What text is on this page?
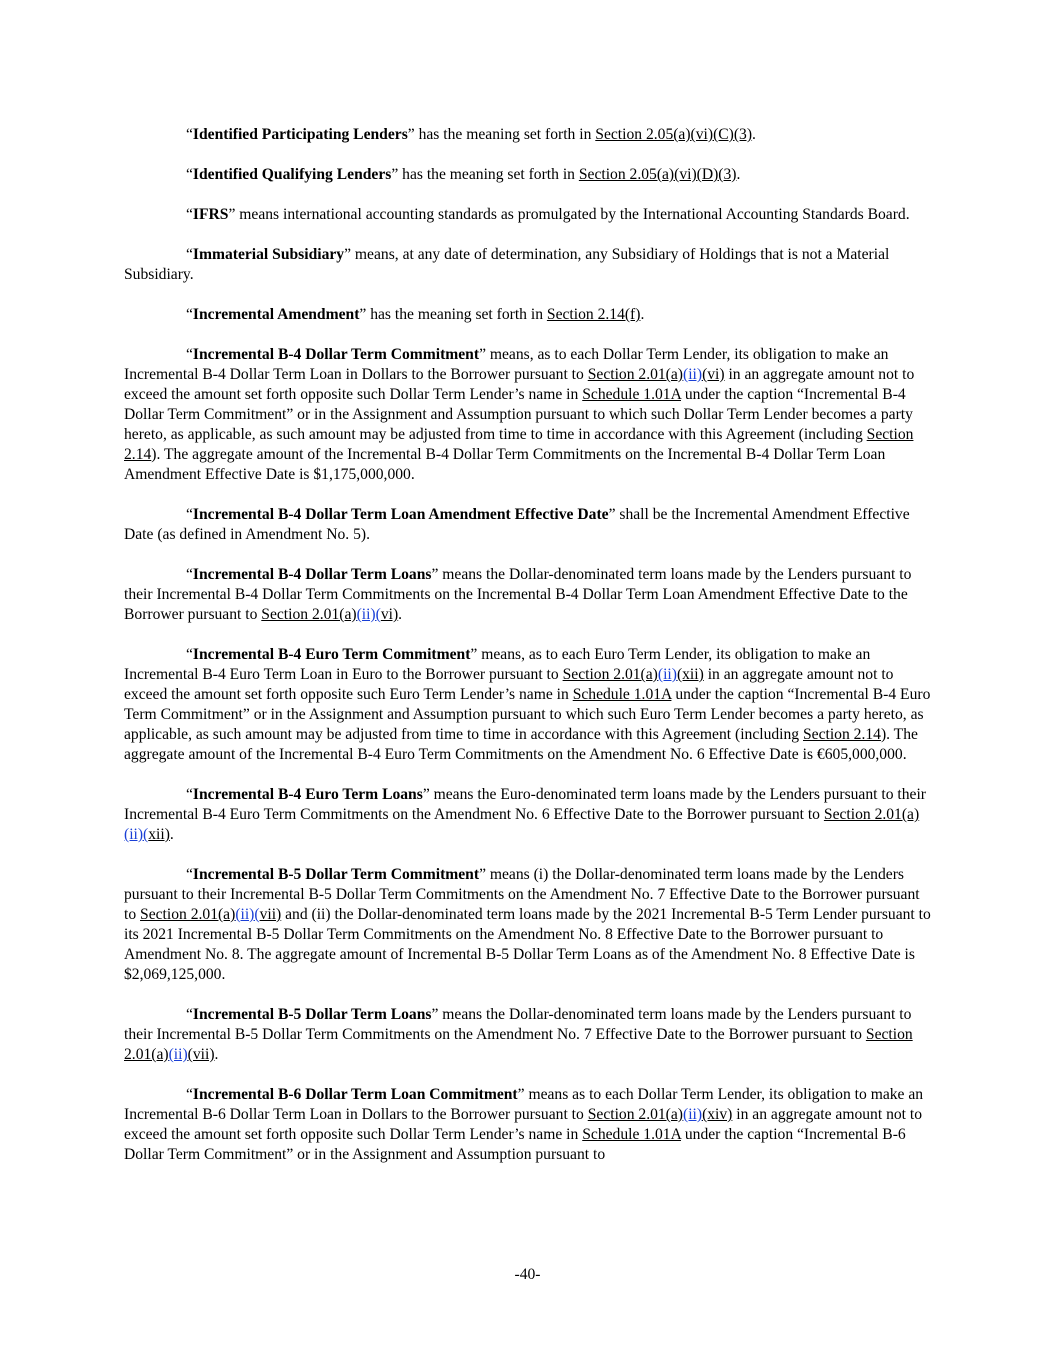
“Identified Participating Lenders” has the meaning set forth in Section 2.05(a)(vi)(C)(3).

“Identified Qualifying Lenders” has the meaning set forth in Section 2.05(a)(vi)(D)(3).

“IFRS” means international accounting standards as promulgated by the International Accounting Standards Board.

“Immaterial Subsidiary” means, at any date of determination, any Subsidiary of Holdings that is not a Material Subsidiary.

“Incremental Amendment” has the meaning set forth in Section 2.14(f).

“Incremental B-4 Dollar Term Commitment” means, as to each Dollar Term Lender, its obligation to make an Incremental B-4 Dollar Term Loan in Dollars to the Borrower pursuant to Section 2.01(a)(ii)(vi) in an aggregate amount not to exceed the amount set forth opposite such Dollar Term Lender’s name in Schedule 1.01A under the caption “Incremental B-4 Dollar Term Commitment” or in the Assignment and Assumption pursuant to which such Dollar Term Lender becomes a party hereto, as applicable, as such amount may be adjusted from time to time in accordance with this Agreement (including Section 2.14). The aggregate amount of the Incremental B-4 Dollar Term Commitments on the Incremental B-4 Dollar Term Loan Amendment Effective Date is $1,175,000,000.

“Incremental B-4 Dollar Term Loan Amendment Effective Date” shall be the Incremental Amendment Effective Date (as defined in Amendment No. 5).

“Incremental B-4 Dollar Term Loans” means the Dollar-denominated term loans made by the Lenders pursuant to their Incremental B-4 Dollar Term Commitments on the Incremental B-4 Dollar Term Loan Amendment Effective Date to the Borrower pursuant to Section 2.01(a)(ii)(vi).

“Incremental B-4 Euro Term Commitment” means, as to each Euro Term Lender, its obligation to make an Incremental B-4 Euro Term Loan in Euro to the Borrower pursuant to Section 2.01(a)(ii)(xii) in an aggregate amount not to exceed the amount set forth opposite such Euro Term Lender’s name in Schedule 1.01A under the caption “Incremental B-4 Euro Term Commitment” or in the Assignment and Assumption pursuant to which such Euro Term Lender becomes a party hereto, as applicable, as such amount may be adjusted from time to time in accordance with this Agreement (including Section 2.14). The aggregate amount of the Incremental B-4 Euro Term Commitments on the Amendment No. 6 Effective Date is €605,000,000.

“Incremental B-4 Euro Term Loans” means the Euro-denominated term loans made by the Lenders pursuant to their Incremental B-4 Euro Term Commitments on the Amendment No. 6 Effective Date to the Borrower pursuant to Section 2.01(a)(ii)(xii).

“Incremental B-5 Dollar Term Commitment” means (i) the Dollar-denominated term loans made by the Lenders pursuant to their Incremental B-5 Dollar Term Commitments on the Amendment No. 7 Effective Date to the Borrower pursuant to Section 2.01(a)(ii)(vii) and (ii) the Dollar-denominated term loans made by the 2021 Incremental B-5 Term Lender pursuant to its 2021 Incremental B-5 Dollar Term Commitments on the Amendment No. 8 Effective Date to the Borrower pursuant to Amendment No. 8. The aggregate amount of Incremental B-5 Dollar Term Loans as of the Amendment No. 8 Effective Date is $2,069,125,000.

“Incremental B-5 Dollar Term Loans” means the Dollar-denominated term loans made by the Lenders pursuant to their Incremental B-5 Dollar Term Commitments on the Amendment No. 7 Effective Date to the Borrower pursuant to Section 2.01(a)(ii)(vii).

“Incremental B-6 Dollar Term Loan Commitment” means as to each Dollar Term Lender, its obligation to make an Incremental B-6 Dollar Term Loan in Dollars to the Borrower pursuant to Section 2.01(a)(ii)(xiv) in an aggregate amount not to exceed the amount set forth opposite such Dollar Term Lender’s name in Schedule 1.01A under the caption “Incremental B-6 Dollar Term Commitment” or in the Assignment and Assumption pursuant to

-40-
